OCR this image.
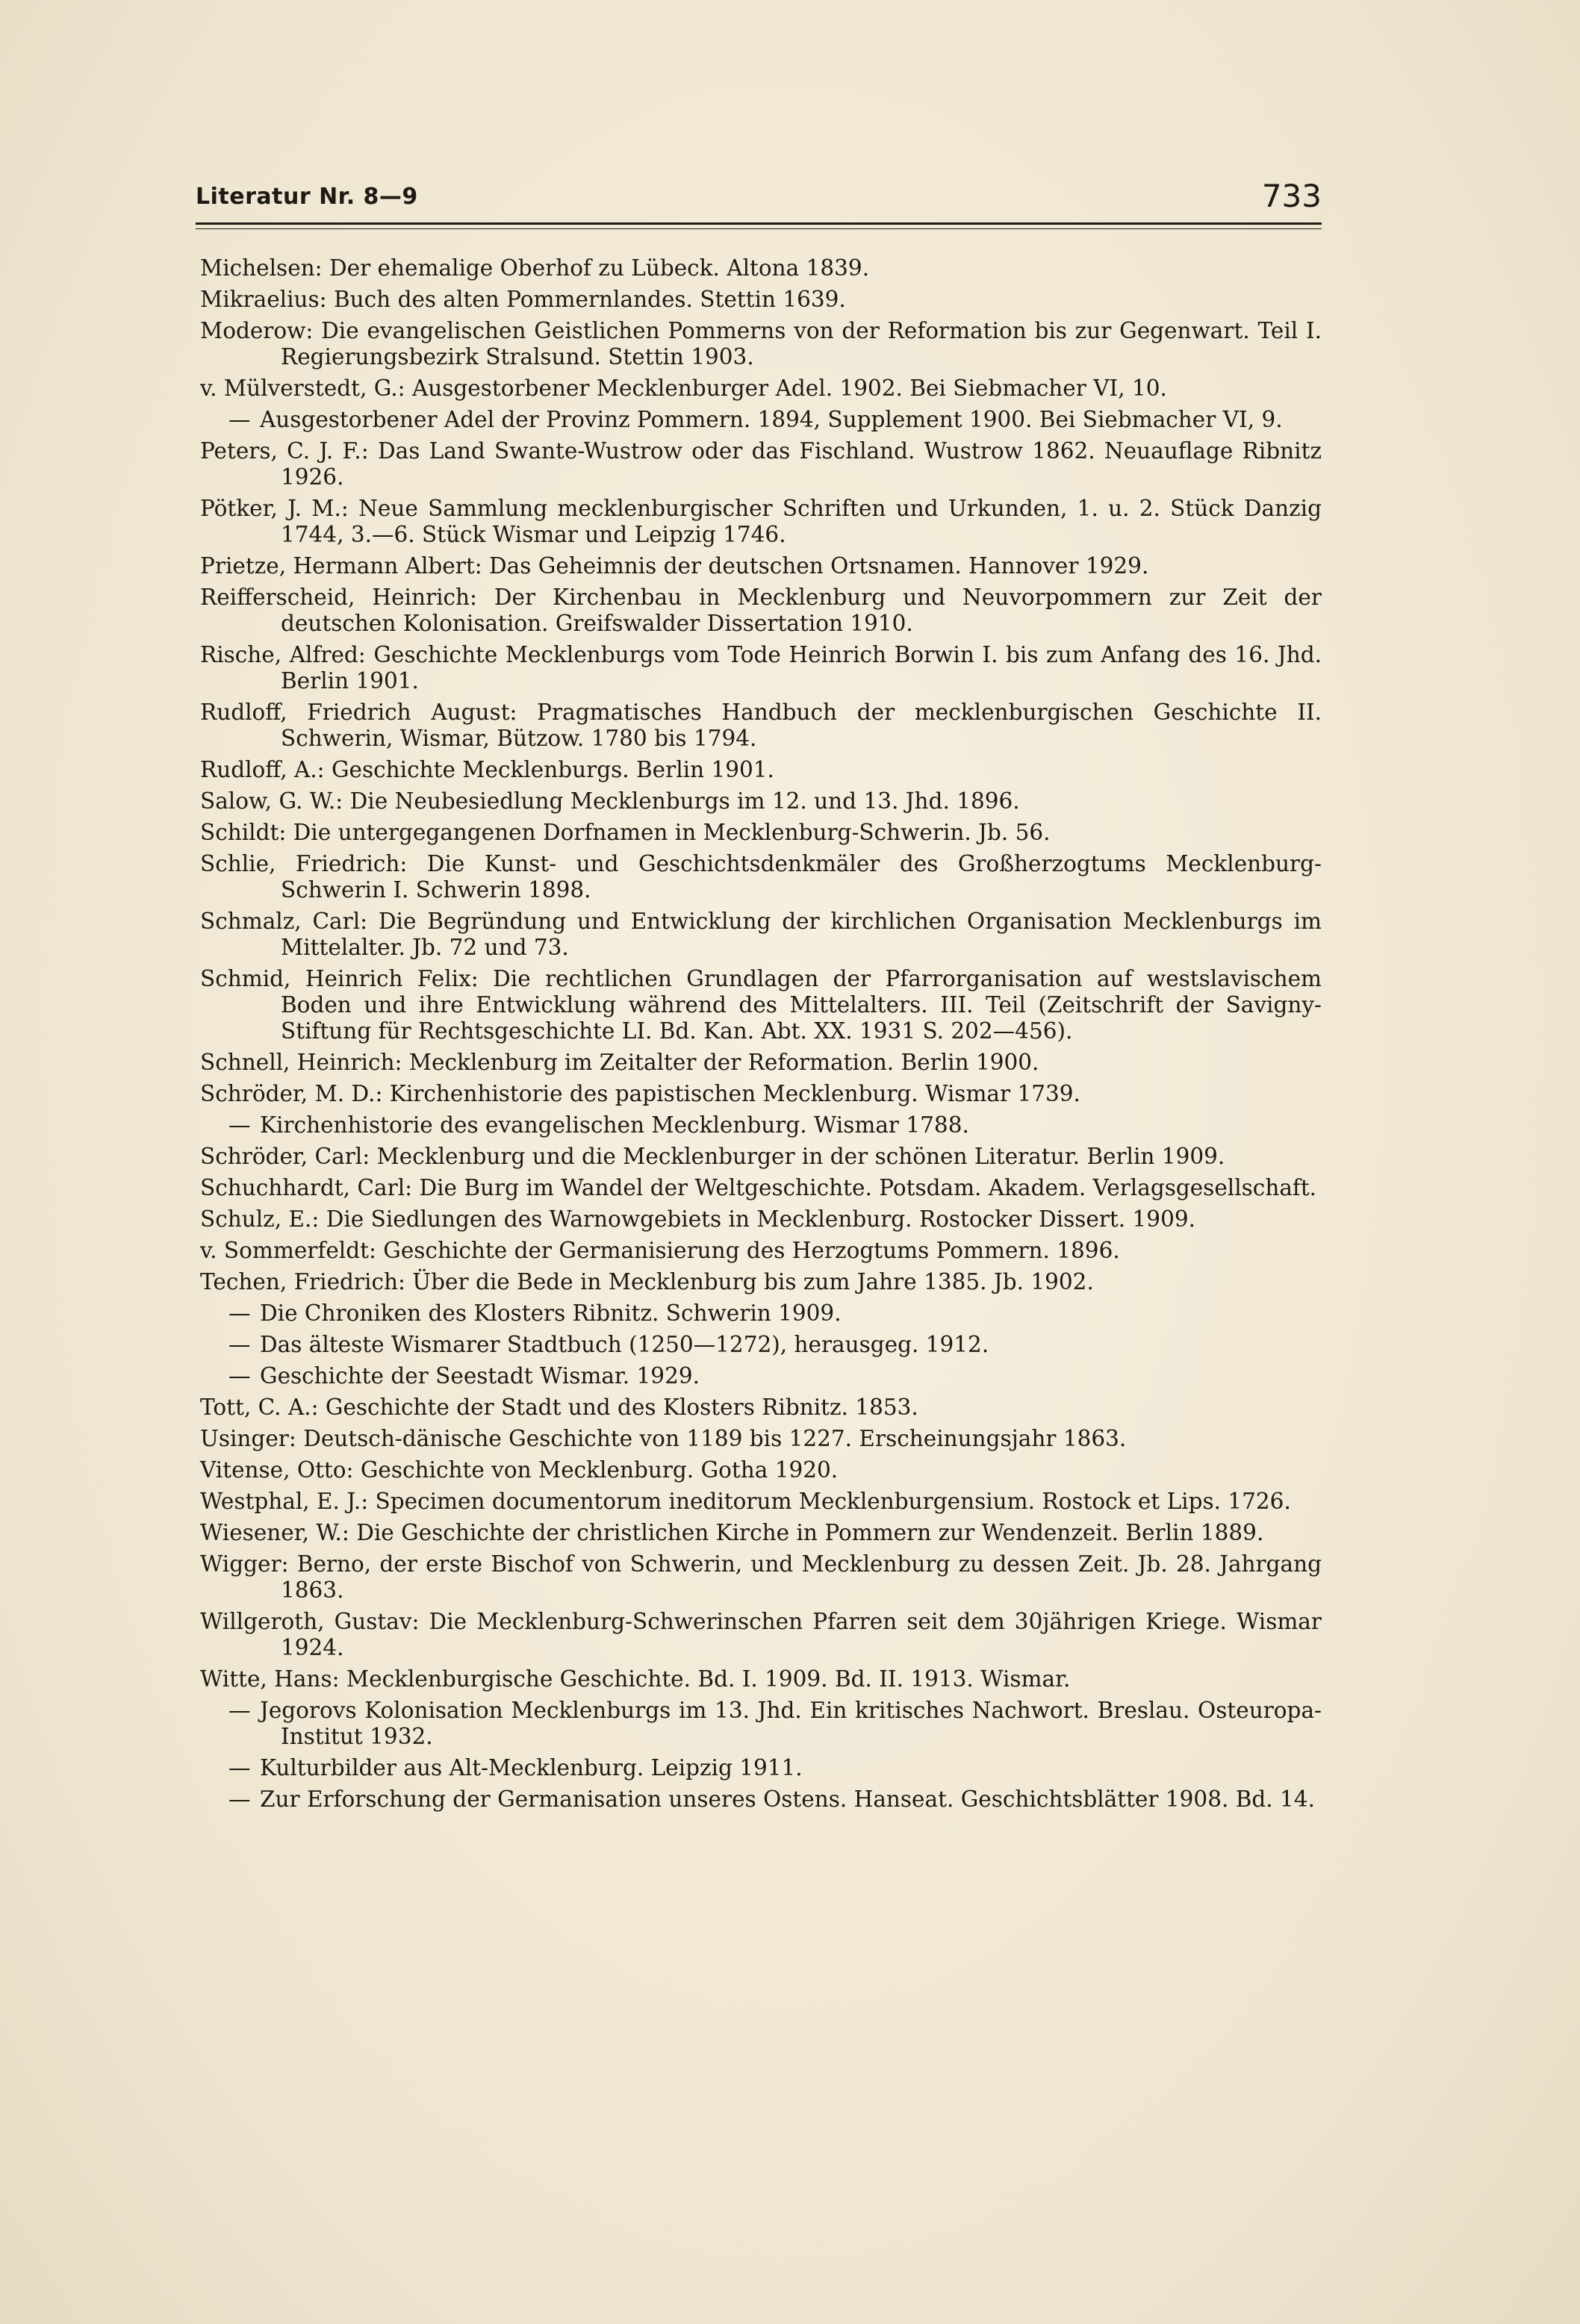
Literatur Nr. 8—9	733
Michelsen: Der ehemalige Oberhof zu Lübeck. Altona 1839.
Mikraelius: Buch des alten Pommernlandes. Stettin 1639.
Moderow: Die evangelischen Geistlichen Pommerns von der Reformation bis zur Gegenwart. Teil I. Regierungsbezirk Stralsund. Stettin 1903.
v. Mülverstedt, G.: Ausgestorbener Mecklenburger Adel. 1902. Bei Siebmacher VI, 10.
— Ausgestorbener Adel der Provinz Pommern. 1894, Supplement 1900. Bei Siebmacher VI, 9.
Peters, C. J. F.: Das Land Swante-Wustrow oder das Fischland. Wustrow 1862. Neuauflage Ribnitz 1926.
Pötker, J. M.: Neue Sammlung mecklenburgischer Schriften und Urkunden, 1. u. 2. Stück Danzig 1744, 3.—6. Stück Wismar und Leipzig 1746.
Prietze, Hermann Albert: Das Geheimnis der deutschen Ortsnamen. Hannover 1929.
Reifferscheid, Heinrich: Der Kirchenbau in Mecklenburg und Neuvorpommern zur Zeit der deutschen Kolonisation. Greifswalder Dissertation 1910.
Rische, Alfred: Geschichte Mecklenburgs vom Tode Heinrich Borwin I. bis zum Anfang des 16. Jhd. Berlin 1901.
Rudloff, Friedrich August: Pragmatisches Handbuch der mecklenburgischen Geschichte II. Schwerin, Wismar, Bützow. 1780 bis 1794.
Rudloff, A.: Geschichte Mecklenburgs. Berlin 1901.
Salow, G. W.: Die Neubesiedlung Mecklenburgs im 12. und 13. Jhd. 1896.
Schildt: Die untergegangenen Dorfnamen in Mecklenburg-Schwerin. Jb. 56.
Schlie, Friedrich: Die Kunst- und Geschichtsdenkmäler des Großherzogtums Mecklenburg-Schwerin I. Schwerin 1898.
Schmalz, Carl: Die Begründung und Entwicklung der kirchlichen Organisation Mecklenburgs im Mittelalter. Jb. 72 und 73.
Schmid, Heinrich Felix: Die rechtlichen Grundlagen der Pfarrorganisation auf westslavischem Boden und ihre Entwicklung während des Mittelalters. III. Teil (Zeitschrift der Savigny-Stiftung für Rechtsgeschichte LI. Bd. Kan. Abt. XX. 1931 S. 202—456).
Schnell, Heinrich: Mecklenburg im Zeitalter der Reformation. Berlin 1900.
Schröder, M. D.: Kirchenhistorie des papistischen Mecklenburg. Wismar 1739.
— Kirchenhistorie des evangelischen Mecklenburg. Wismar 1788.
Schröder, Carl: Mecklenburg und die Mecklenburger in der schönen Literatur. Berlin 1909.
Schuchhardt, Carl: Die Burg im Wandel der Weltgeschichte. Potsdam. Akadem. Verlagsgesellschaft.
Schulz, E.: Die Siedlungen des Warnowgebiets in Mecklenburg. Rostocker Dissert. 1909.
v. Sommerfeldt: Geschichte der Germanisierung des Herzogtums Pommern. 1896.
Techen, Friedrich: Über die Bede in Mecklenburg bis zum Jahre 1385. Jb. 1902.
— Die Chroniken des Klosters Ribnitz. Schwerin 1909.
— Das älteste Wismarer Stadtbuch (1250—1272), herausgeg. 1912.
— Geschichte der Seestadt Wismar. 1929.
Tott, C. A.: Geschichte der Stadt und des Klosters Ribnitz. 1853.
Usinger: Deutsch-dänische Geschichte von 1189 bis 1227. Erscheinungsjahr 1863.
Vitense, Otto: Geschichte von Mecklenburg. Gotha 1920.
Westphal, E. J.: Specimen documentorum ineditorum Mecklenburgensium. Rostock et Lips. 1726.
Wiesener, W.: Die Geschichte der christlichen Kirche in Pommern zur Wendenzeit. Berlin 1889.
Wigger: Berno, der erste Bischof von Schwerin, und Mecklenburg zu dessen Zeit. Jb. 28. Jahrgang 1863.
Willgeroth, Gustav: Die Mecklenburg-Schwerinschen Pfarren seit dem 30jährigen Kriege. Wismar 1924.
Witte, Hans: Mecklenburgische Geschichte. Bd. I. 1909. Bd. II. 1913. Wismar.
— Jegorovs Kolonisation Mecklenburgs im 13. Jhd. Ein kritisches Nachwort. Breslau. Osteuropa-Institut 1932.
— Kulturbilder aus Alt-Mecklenburg. Leipzig 1911.
— Zur Erforschung der Germanisation unseres Ostens. Hanseat. Geschichtsblätter 1908. Bd. 14.
